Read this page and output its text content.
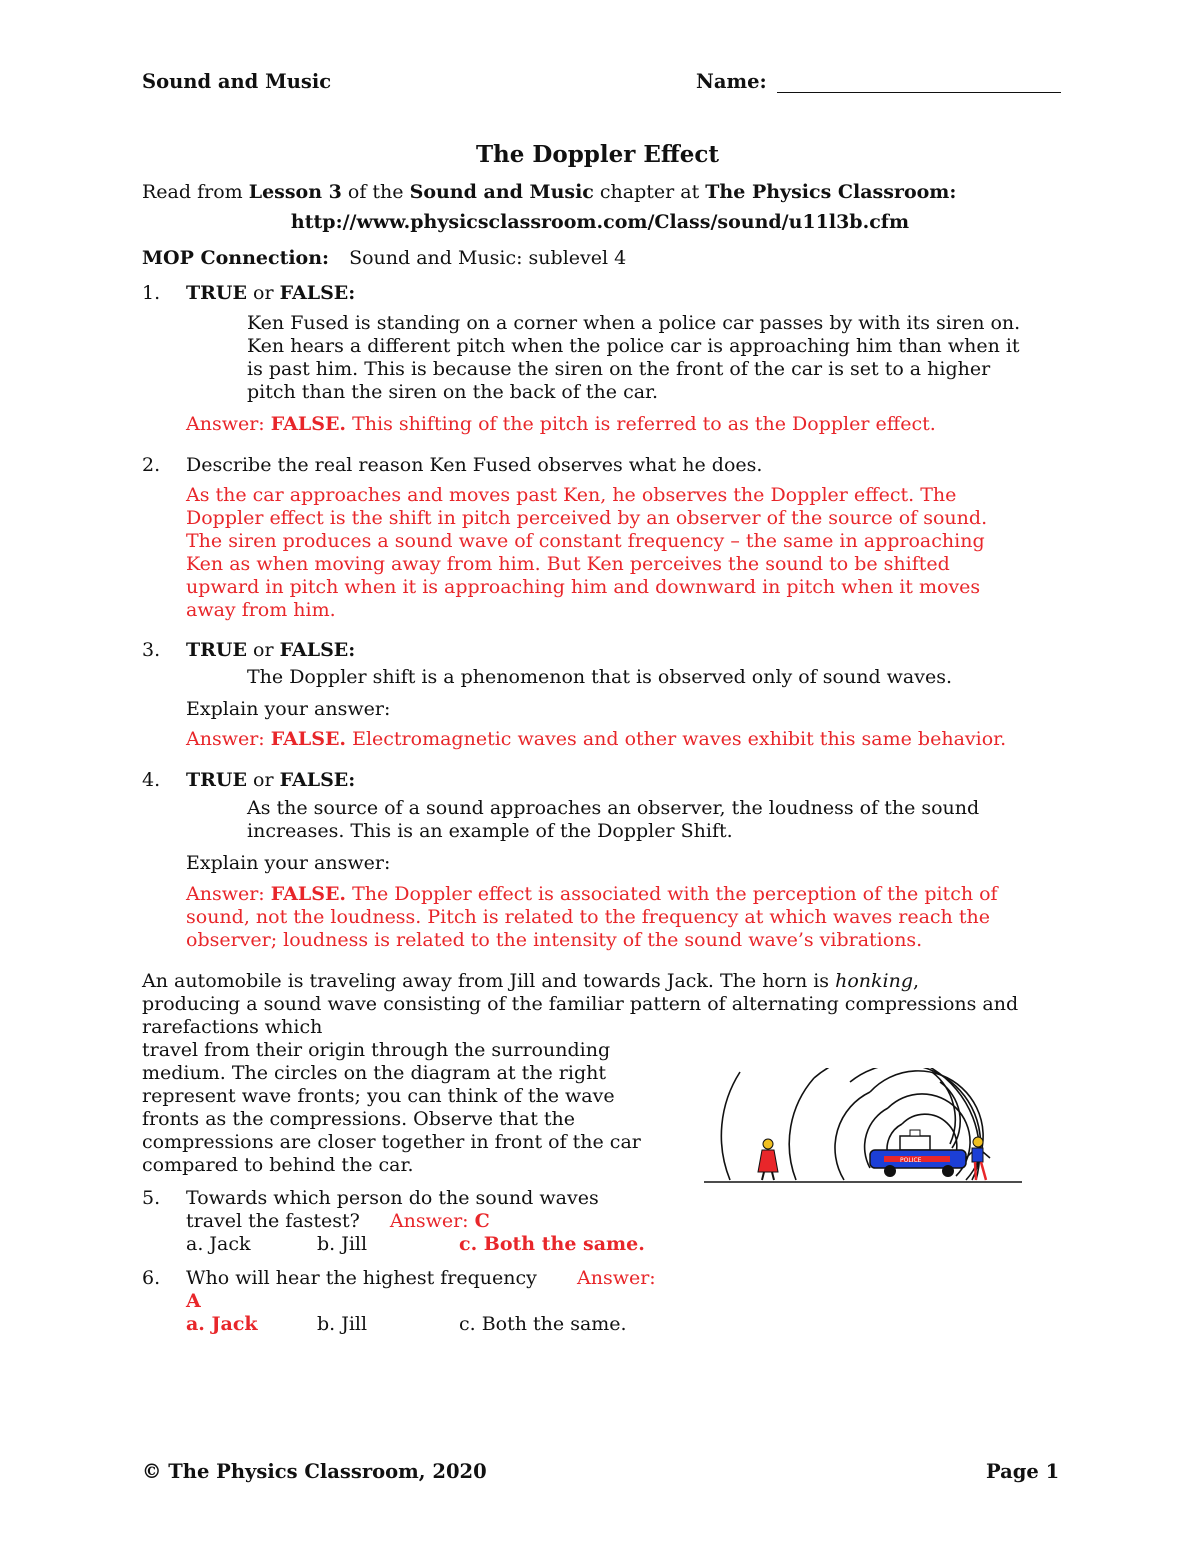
Sound and Music	Name:
The Doppler Effect
Read from Lesson 3 of the Sound and Music chapter at The Physics Classroom:
http://www.physicsclassroom.com/Class/sound/u11l3b.cfm
MOP Connection: Sound and Music: sublevel 4
1. TRUE or FALSE:
Ken Fused is standing on a corner when a police car passes by with its siren on.
Ken hears a different pitch when the police car is approaching him than when it
is past him. This is because the siren on the front of the car is set to a higher
pitch than the siren on the back of the car.
Answer: FALSE. This shifting of the pitch is referred to as the Doppler effect.
2. Describe the real reason Ken Fused observes what he does.
As the car approaches and moves past Ken, he observes the Doppler effect. The
Doppler effect is the shift in pitch perceived by an observer of the source of sound.
The siren produces a sound wave of constant frequency – the same in approaching
Ken as when moving away from him. But Ken perceives the sound to be shifted
upward in pitch when it is approaching him and downward in pitch when it moves
away from him.
3. TRUE or FALSE:
The Doppler shift is a phenomenon that is observed only of sound waves.
Explain your answer:
Answer: FALSE. Electromagnetic waves and other waves exhibit this same behavior.
4. TRUE or FALSE:
As the source of a sound approaches an observer, the loudness of the sound
increases. This is an example of the Doppler Shift.
Explain your answer:
Answer: FALSE. The Doppler effect is associated with the perception of the pitch of
sound, not the loudness. Pitch is related to the frequency at which waves reach the
observer; loudness is related to the intensity of the sound wave’s vibrations.
An automobile is traveling away from Jill and towards Jack. The horn is honking,
producing a sound wave consisting of the familiar pattern of alternating compressions and
rarefactions which
travel from their origin through the surrounding
medium. The circles on the diagram at the right
represent wave fronts; you can think of the wave
fronts as the compressions. Observe that the
compressions are closer together in front of the car
compared to behind the car.	POLICE
5. Towards which person do the sound waves
travel the fastest? Answer: C
a. Jack	b. Jill	c. Both the same.
6. Who will hear the highest frequency Answer:
A
a. Jack	b. Jill	c. Both the same.
© The Physics Classroom, 2020	Page 1
